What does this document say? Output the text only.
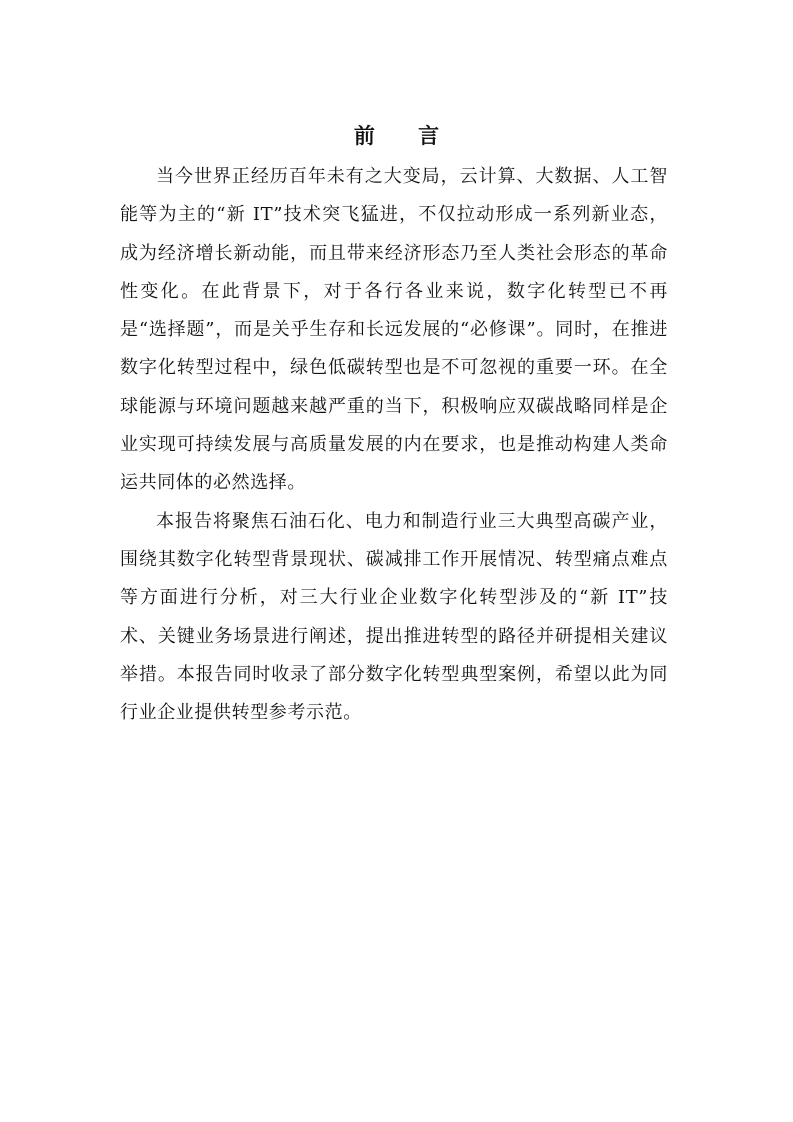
前 言

当今世界正经历百年未有之大变局，云计算、大数据、人工智能等为主的“新 IT”技术突飞猛进，不仅拉动形成一系列新业态，成为经济增长新动能，而且带来经济形态乃至人类社会形态的革命性变化。在此背景下，对于各行各业来说，数字化转型已不再是“选择题”，而是关乎生存和长远发展的“必修课”。同时，在推进数字化转型过程中，绿色低碳转型也是不可忽视的重要一环。在全球能源与环境问题越来越严重的当下，积极响应双碳战略同样是企业实现可持续发展与高质量发展的内在要求，也是推动构建人类命运共同体的必然选择。

本报告将聚焦石油石化、电力和制造行业三大典型高碳产业，围绕其数字化转型背景现状、碳减排工作开展情况、转型痛点难点等方面进行分析，对三大行业企业数字化转型涉及的“新 IT”技术、关键业务场景进行阐述，提出推进转型的路径并研提相关建议举措。本报告同时收录了部分数字化转型典型案例，希望以此为同行业企业提供转型参考示范。
